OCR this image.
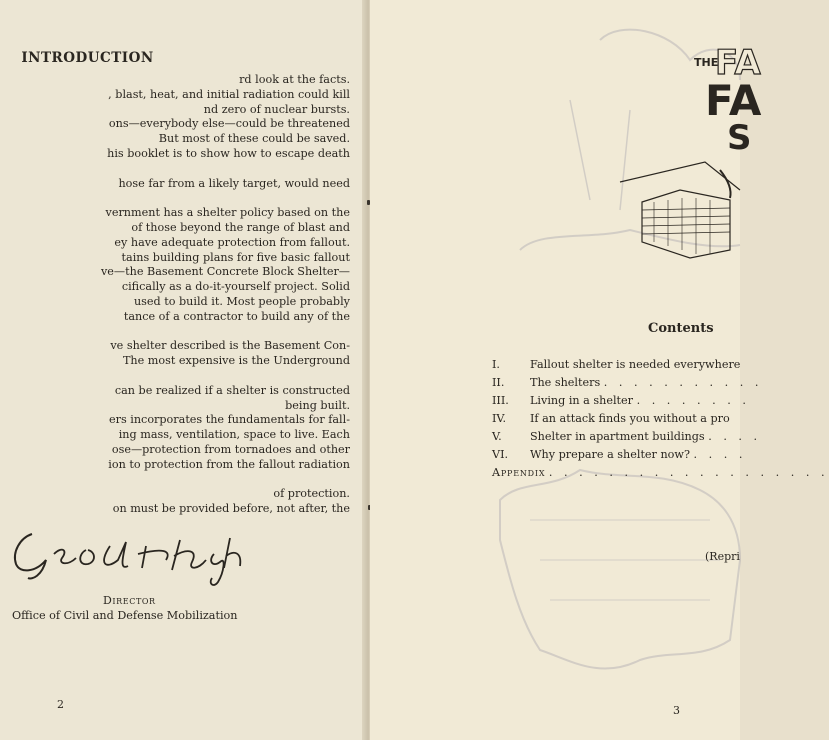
INTRODUCTION
rd look at the facts.
, blast, heat, and initial radiation could kill
nd zero of nuclear bursts.
ons—everybody else—could be threatened
But most of these could be saved.
his booklet is to show how to escape death
hose far from a likely target, would need
vernment has a shelter policy based on the
of those beyond the range of blast and
ey have adequate protection from fallout.
tains building plans for five basic fallout
ve—the Basement Concrete Block Shelter—
cifically as a do-it-yourself project. Solid
used to build it. Most people probably
tance of a contractor to build any of the
ve shelter described is the Basement Con-
The most expensive is the Underground
can be realized if a shelter is constructed
being built.
ers incorporates the fundamentals for fall-
ing mass, ventilation, space to live. Each
ose—protection from tornadoes and other
ion to protection from the fallout radiation
of protection.
on must be provided before, not after, the
Director
Office of Civil and Defense Mobilization
2
THE
FA
FA
S
Contents
I.	Fallout shelter is needed everywhere
II.	The shelters . . . . . . . . . . .
III.	Living in a shelter . . . . . . . .
IV.	If an attack finds you without a pro
V.	Shelter in apartment buildings . . . .
VI.	Why prepare a shelter now? . . . .
Appendix . . . . . . . . . . . . . . . . . . .
(Repri
3
